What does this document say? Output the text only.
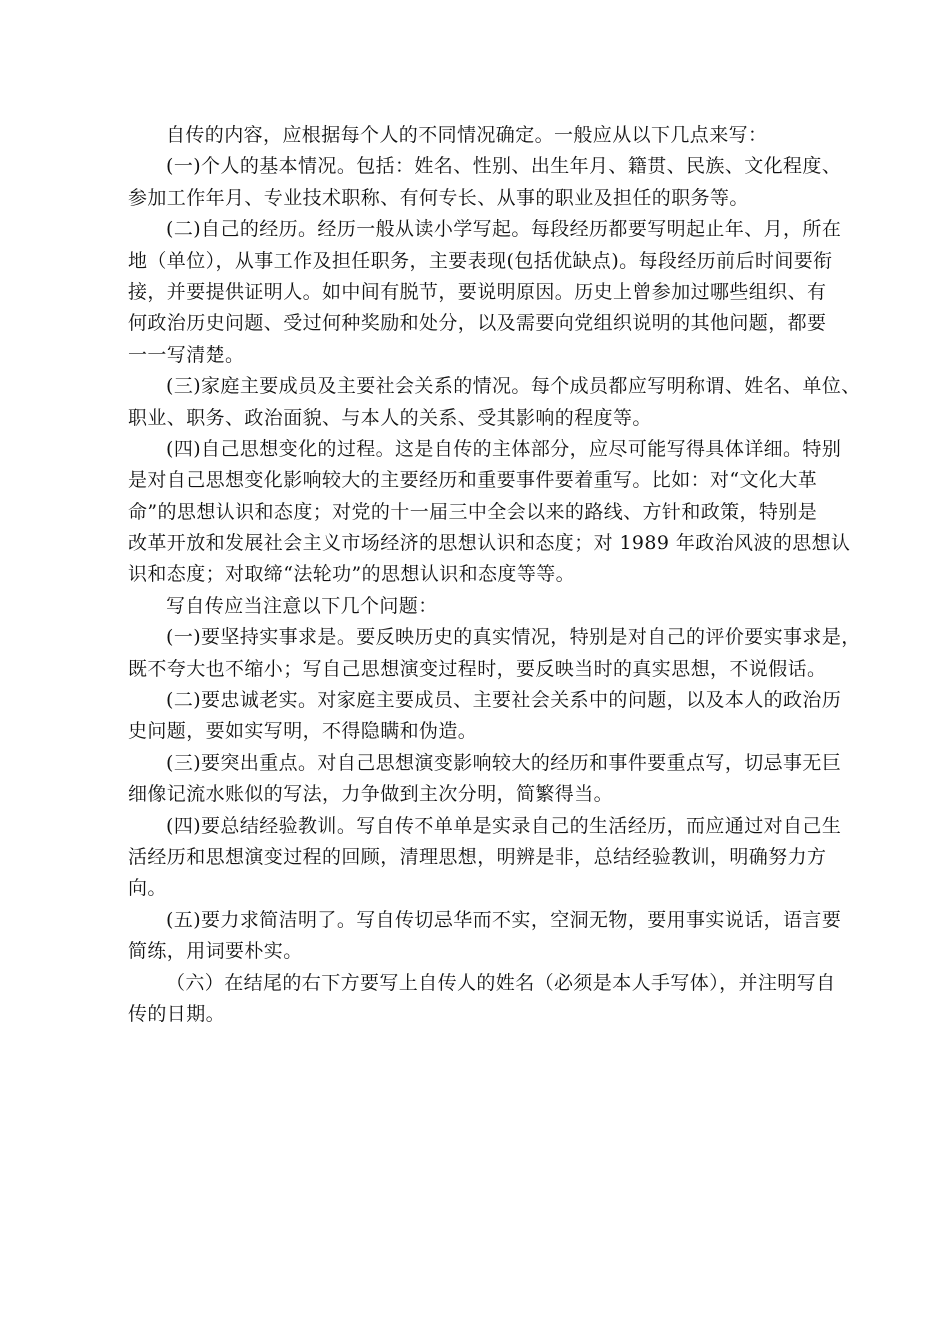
自传的内容，应根据每个人的不同情况确定。一般应从以下几点来写：
(一)个人的基本情况。包括：姓名、性别、出生年月、籍贯、民族、文化程度、
参加工作年月、专业技术职称、有何专长、从事的职业及担任的职务等。
(二)自己的经历。经历一般从读小学写起。每段经历都要写明起止年、月，所在
地（单位），从事工作及担任职务，主要表现(包括优缺点)。每段经历前后时间要衔
接，并要提供证明人。如中间有脱节，要说明原因。历史上曾参加过哪些组织、有
何政治历史问题、受过何种奖励和处分，以及需要向党组织说明的其他问题，都要
一一写清楚。
(三)家庭主要成员及主要社会关系的情况。每个成员都应写明称谓、姓名、单位、
职业、职务、政治面貌、与本人的关系、受其影响的程度等。
(四)自己思想变化的过程。这是自传的主体部分，应尽可能写得具体详细。特别
是对自己思想变化影响较大的主要经历和重要事件要着重写。比如：对“文化大革
命”的思想认识和态度；对党的十一届三中全会以来的路线、方针和政策，特别是
改革开放和发展社会主义市场经济的思想认识和态度；对 1989 年政治风波的思想认
识和态度；对取缔“法轮功”的思想认识和态度等等。
写自传应当注意以下几个问题：
(一)要坚持实事求是。要反映历史的真实情况，特别是对自己的评价要实事求是，
既不夸大也不缩小；写自己思想演变过程时，要反映当时的真实思想，不说假话。
(二)要忠诚老实。对家庭主要成员、主要社会关系中的问题，以及本人的政治历
史问题，要如实写明，不得隐瞒和伪造。
(三)要突出重点。对自己思想演变影响较大的经历和事件要重点写，切忌事无巨
细像记流水账似的写法，力争做到主次分明，简繁得当。
(四)要总结经验教训。写自传不单单是实录自己的生活经历，而应通过对自己生
活经历和思想演变过程的回顾，清理思想，明辨是非，总结经验教训，明确努力方
向。
(五)要力求简洁明了。写自传切忌华而不实，空洞无物，要用事实说话，语言要
简练，用词要朴实。
（六）在结尾的右下方要写上自传人的姓名（必须是本人手写体），并注明写自
传的日期。
